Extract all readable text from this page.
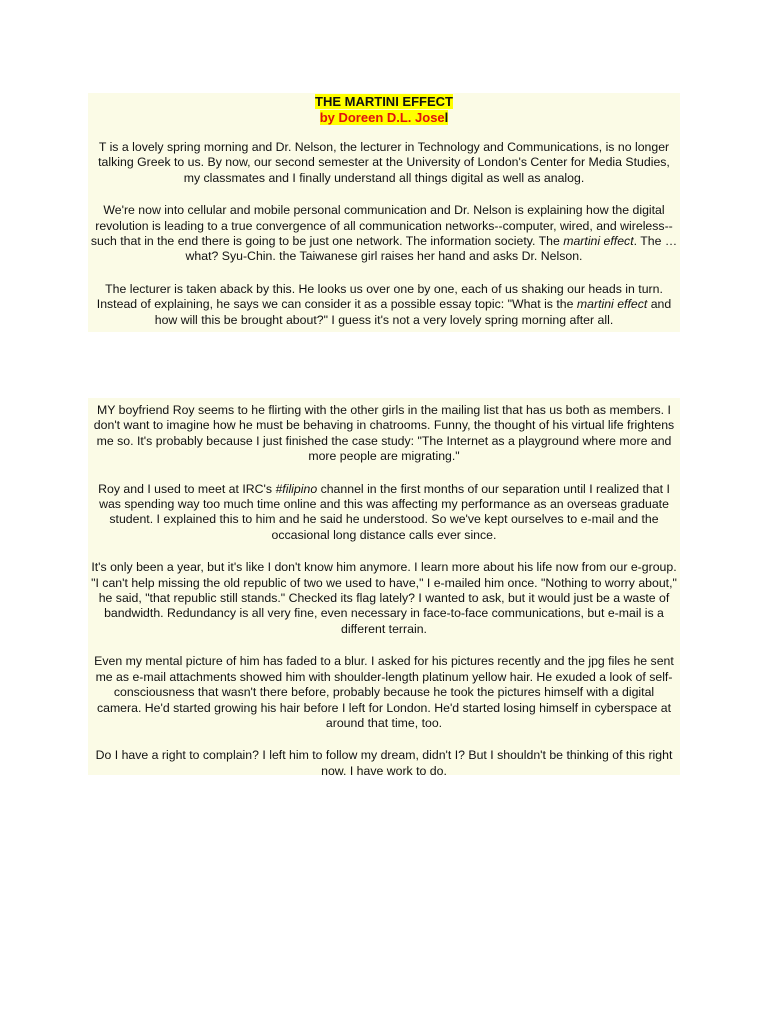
THE MARTINI EFFECT
by Doreen D.L. Josel

T is a lovely spring morning and Dr. Nelson, the lecturer in Technology and Communications, is no longer talking Greek to us. By now, our second semester at the University of London's Center for Media Studies, my classmates and I finally understand all things digital as well as analog.

We're now into cellular and mobile personal communication and Dr. Nelson is explaining how the digital revolution is leading to a true convergence of all communication networks--computer, wired, and wireless--such that in the end there is going to be just one network. The information society. The martini effect. The … what? Syu-Chin. the Taiwanese girl raises her hand and asks Dr. Nelson.

The lecturer is taken aback by this. He looks us over one by one, each of us shaking our heads in turn. Instead of explaining, he says we can consider it as a possible essay topic: "What is the martini effect and how will this be brought about?" I guess it's not a very lovely spring morning after all.

MY boyfriend Roy seems to he flirting with the other girls in the mailing list that has us both as members. I don't want to imagine how he must be behaving in chatrooms. Funny, the thought of his virtual life frightens me so. It's probably because I just finished the case study: "The Internet as a playground where more and more people are migrating."

Roy and I used to meet at IRC's #filipino channel in the first months of our separation until I realized that I was spending way too much time online and this was affecting my performance as an overseas graduate student. I explained this to him and he said he understood. So we've kept ourselves to e-mail and the occasional long distance calls ever since.

It's only been a year, but it's like I don't know him anymore. I learn more about his life now from our e-group. "I can't help missing the old republic of two we used to have," I e-mailed him once. "Nothing to worry about," he said, "that republic still stands." Checked its flag lately? I wanted to ask, but it would just be a waste of bandwidth. Redundancy is all very fine, even necessary in face-to-face communications, but e-mail is a different terrain.

Even my mental picture of him has faded to a blur. I asked for his pictures recently and the jpg files he sent me as e-mail attachments showed him with shoulder-length platinum yellow hair. He exuded a look of self-consciousness that wasn't there before, probably because he took the pictures himself with a digital camera. He'd started growing his hair before I left for London. He'd started losing himself in cyberspace at around that time, too.

Do I have a right to complain? I left him to follow my dream, didn't I? But I shouldn't be thinking of this right now. I have work to do.
